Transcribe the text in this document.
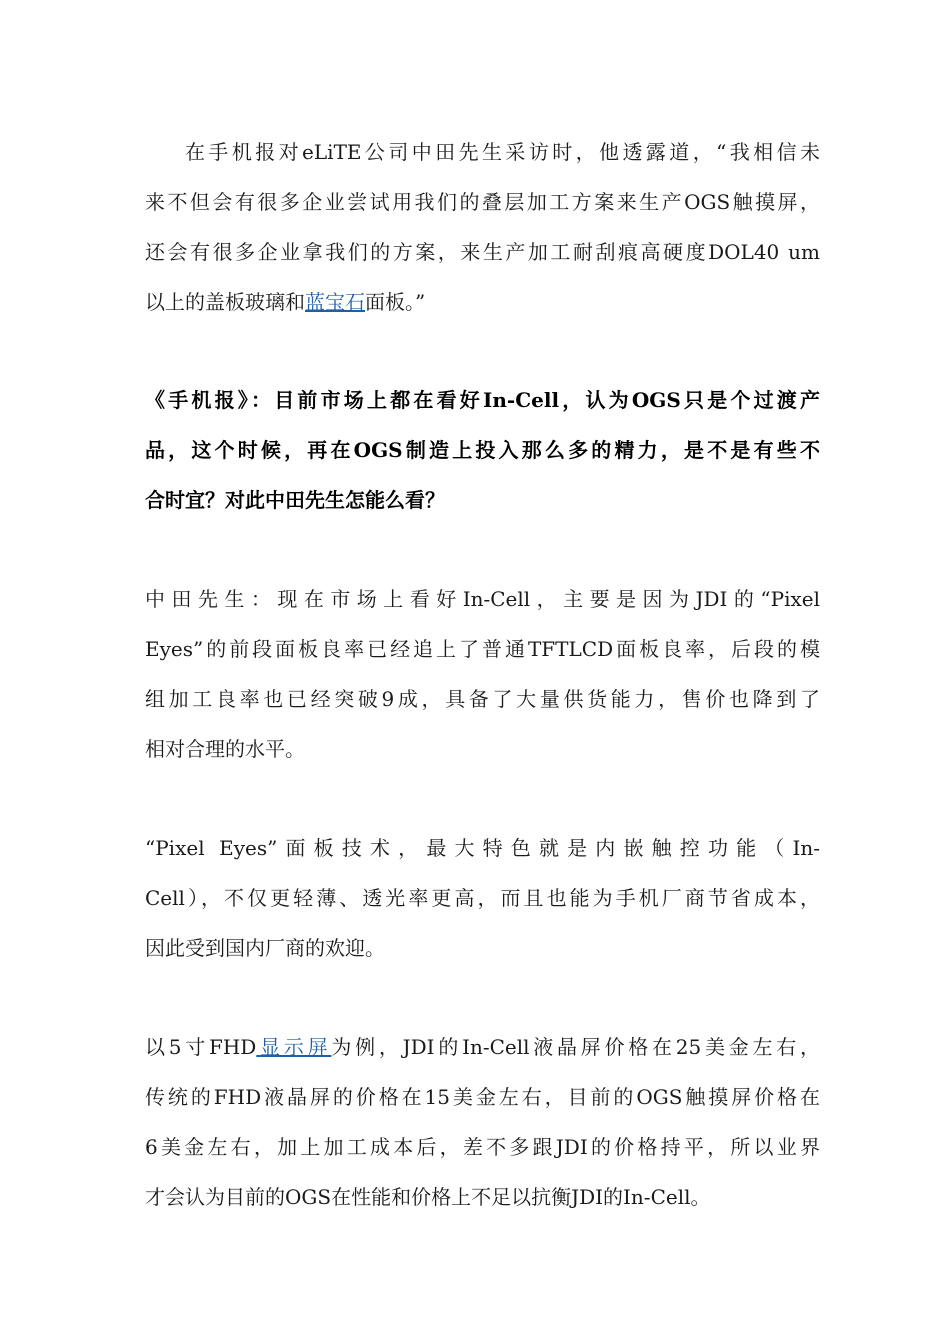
在手机报对eLiTE公司中田先生采访时，他透露道，“我相信未
来不但会有很多企业尝试用我们的叠层加工方案来生产OGS触摸屏，
还会有很多企业拿我们的方案，来生产加工耐刮痕高硬度DOL40 um
以上的盖板玻璃和蓝宝石面板。”
《手机报》：目前市场上都在看好In-Cell，认为OGS只是个过渡产
品，这个时候，再在OGS制造上投入那么多的精力，是不是有些不
合时宜？对此中田先生怎能么看？
中田先生：现在市场上看好In-Cell，主要是因为JDI的“Pixel
Eyes”的前段面板良率已经追上了普通TFTLCD面板良率，后段的模
组加工良率也已经突破9成，具备了大量供货能力，售价也降到了
相对合理的水平。
“Pixel Eyes”面板技术，最大特色就是内嵌触控功能（In-
Cell），不仅更轻薄、透光率更高，而且也能为手机厂商节省成本，
因此受到国内厂商的欢迎。
以5寸FHD显示屏为例，JDI的In-Cell液晶屏价格在25美金左右，
传统的FHD液晶屏的价格在15美金左右，目前的OGS触摸屏价格在
6美金左右，加上加工成本后，差不多跟JDI的价格持平，所以业界
才会认为目前的OGS在性能和价格上不足以抗衡JDI的In-Cell。
